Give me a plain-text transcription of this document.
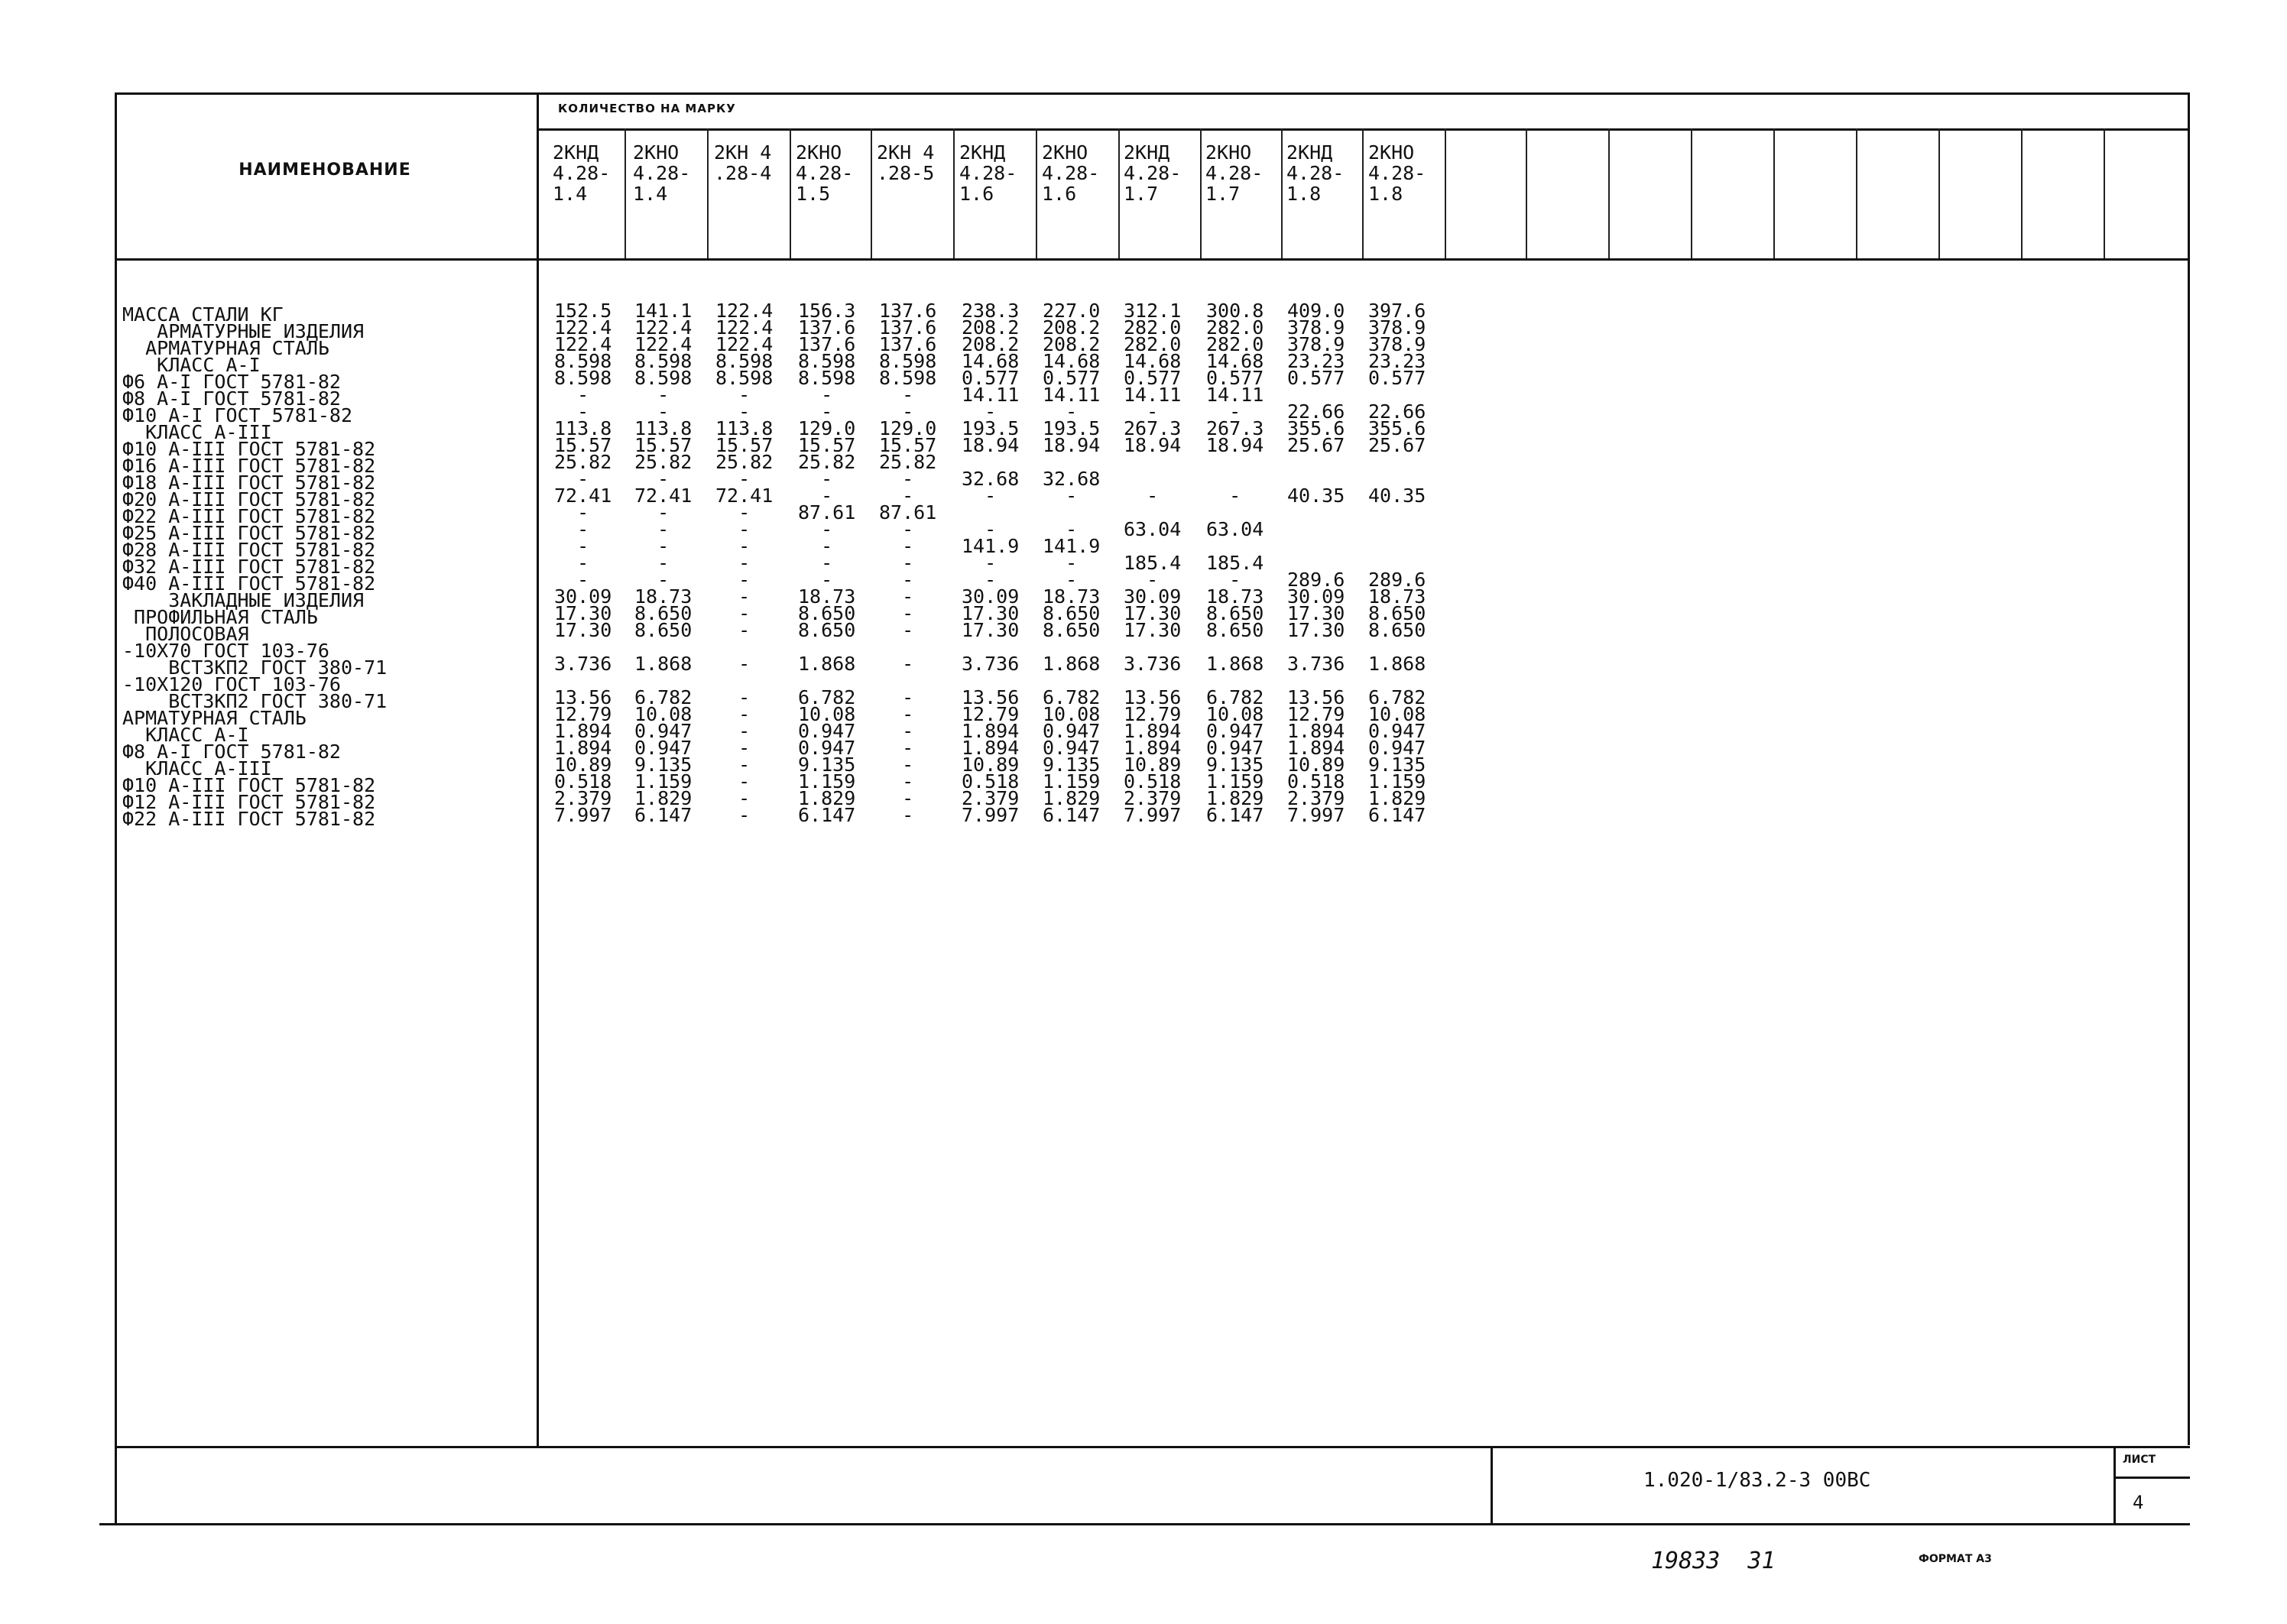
НАИМЕНОВАНИЕ
КОЛИЧЕСТВО НА МАРКУ
2КНД
4.28-
1.4
2КНО
4.28-
1.4
2КН 4
.28-4
2КНО
4.28-
1.5
2КН 4
.28-5
2КНД
4.28-
1.6
2КНО
4.28-
1.6
2КНД
4.28-
1.7
2КНО
4.28-
1.7
2КНД
4.28-
1.8
2КНО
4.28-
1.8
МАССА СТАЛИ КГ
АРМАТУРНЫЕ ИЗДЕЛИЯ
АРМАТУРНАЯ СТАЛЬ
КЛАСС А-I
Ф6 А-I ГОСТ 5781-82
Ф8 А-I ГОСТ 5781-82
Ф10 А-I ГОСТ 5781-82
КЛАСС А-III
Ф10 А-III ГОСТ 5781-82
Ф16 А-III ГОСТ 5781-82
Ф18 А-III ГОСТ 5781-82
Ф20 А-III ГОСТ 5781-82
Ф22 А-III ГОСТ 5781-82
Ф25 А-III ГОСТ 5781-82
Ф28 А-III ГОСТ 5781-82
Ф32 А-III ГОСТ 5781-82
Ф40 А-III ГОСТ 5781-82
ЗАКЛАДНЫЕ ИЗДЕЛИЯ
ПРОФИЛЬНАЯ СТАЛЬ
ПОЛОСОВАЯ
-10Х70 ГОСТ 103-76
ВСТ3КП2 ГОСТ 380-71
-10Х120 ГОСТ 103-76
ВСТ3КП2 ГОСТ 380-71
АРМАТУРНАЯ СТАЛЬ
КЛАСС А-I
Ф8 А-I ГОСТ 5781-82
КЛАСС А-III
Ф10 А-III ГОСТ 5781-82
Ф12 А-III ГОСТ 5781-82
Ф22 А-III ГОСТ 5781-82
152.5
122.4
122.4
8.598
8.598
-
-
113.8
15.57
25.82
-
72.41
-
-
-
-
-
30.09
17.30
17.30

3.736

13.56
12.79
1.894
1.894
10.89
0.518
2.379
7.997
141.1
122.4
122.4
8.598
8.598
-
-
113.8
15.57
25.82
-
72.41
-
-
-
-
-
18.73
8.650
8.650

1.868

6.782
10.08
0.947
0.947
9.135
1.159
1.829
6.147
122.4
122.4
122.4
8.598
8.598
-
-
113.8
15.57
25.82
-
72.41
-
-
-
-
-
-
-
-

-

-
-
-
-
-
-
-
-
156.3
137.6
137.6
8.598
8.598
-
-
129.0
15.57
25.82
-
-
87.61
-
-
-
-
18.73
8.650
8.650

1.868

6.782
10.08
0.947
0.947
9.135
1.159
1.829
6.147
137.6
137.6
137.6
8.598
8.598
-
-
129.0
15.57
25.82
-
-
87.61
-
-
-
-
-
-
-

-

-
-
-
-
-
-
-
-
238.3
208.2
208.2
14.68
0.577
14.11
-
193.5
18.94

32.68
-

-
141.9
-
-
30.09
17.30
17.30

3.736

13.56
12.79
1.894
1.894
10.89
0.518
2.379
7.997
227.0
208.2
208.2
14.68
0.577
14.11
-
193.5
18.94

32.68
-

-
141.9
-
-
18.73
8.650
8.650

1.868

6.782
10.08
0.947
0.947
9.135
1.159
1.829
6.147
312.1
282.0
282.0
14.68
0.577
14.11
-
267.3
18.94

-

63.04

185.4
-
30.09
17.30
17.30

3.736

13.56
12.79
1.894
1.894
10.89
0.518
2.379
7.997
300.8
282.0
282.0
14.68
0.577
14.11
-
267.3
18.94

-

63.04

185.4
-
18.73
8.650
8.650

1.868

6.782
10.08
0.947
0.947
9.135
1.159
1.829
6.147
409.0
378.9
378.9
23.23
0.577

22.66
355.6
25.67

40.35

289.6
30.09
17.30
17.30

3.736

13.56
12.79
1.894
1.894
10.89
0.518
2.379
7.997
397.6
378.9
378.9
23.23
0.577

22.66
355.6
25.67

40.35

289.6
18.73
8.650
8.650

1.868

6.782
10.08
0.947
0.947
9.135
1.159
1.829
6.147
1.020-1/83.2-3 00ВС
ЛИСТ
4
19833  31	ФОРМАТ А3
